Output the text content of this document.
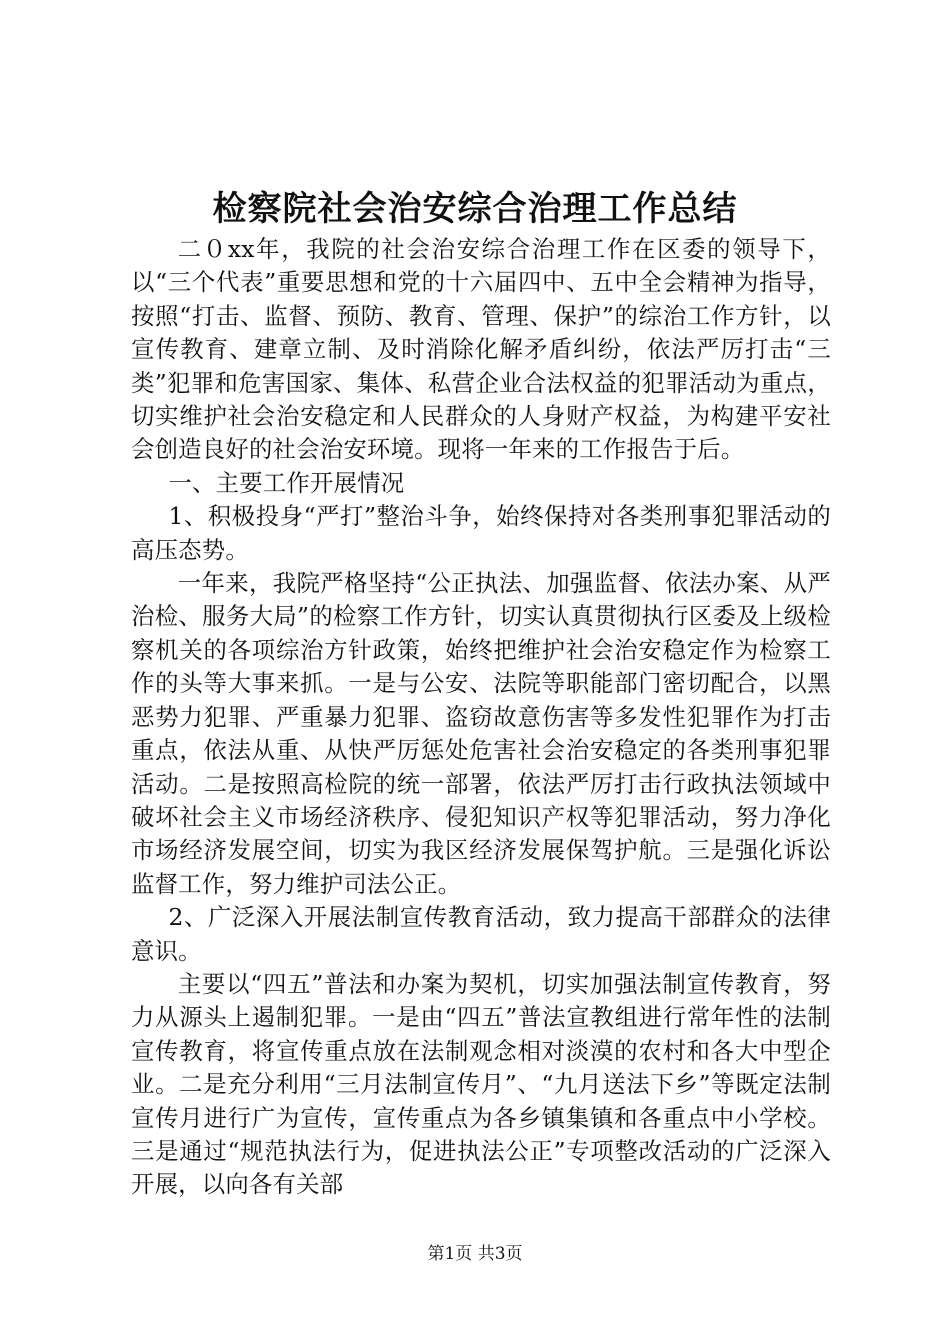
检察院社会治安综合治理工作总结

二０xx年，我院的社会治安综合治理工作在区委的领导下，以“三个代表”重要思想和党的十六届四中、五中全会精神为指导，按照“打击、监督、预防、教育、管理、保护”的综治工作方针，以宣传教育、建章立制、及时消除化解矛盾纠纷，依法严厉打击“三类”犯罪和危害国家、集体、私营企业合法权益的犯罪活动为重点，切实维护社会治安稳定和人民群众的人身财产权益，为构建平安社会创造良好的社会治安环境。现将一年来的工作报告于后。

一、主要工作开展情况

1、积极投身“严打”整治斗争，始终保持对各类刑事犯罪活动的高压态势。

一年来，我院严格坚持“公正执法、加强监督、依法办案、从严治检、服务大局”的检察工作方针，切实认真贯彻执行区委及上级检察机关的各项综治方针政策，始终把维护社会治安稳定作为检察工作的头等大事来抓。一是与公安、法院等职能部门密切配合，以黑恶势力犯罪、严重暴力犯罪、盗窃故意伤害等多发性犯罪作为打击重点，依法从重、从快严厉惩处危害社会治安稳定的各类刑事犯罪活动。二是按照高检院的统一部署，依法严厉打击行政执法领域中破坏社会主义市场经济秩序、侵犯知识产权等犯罪活动，努力净化市场经济发展空间，切实为我区经济发展保驾护航。三是强化诉讼监督工作，努力维护司法公正。

2、广泛深入开展法制宣传教育活动，致力提高干部群众的法律意识。

主要以“四五”普法和办案为契机，切实加强法制宣传教育，努力从源头上遏制犯罪。一是由“四五”普法宣教组进行常年性的法制宣传教育，将宣传重点放在法制观念相对淡漠的农村和各大中型企业。二是充分利用“三月法制宣传月”、“九月送法下乡”等既定法制宣传月进行广为宣传，宣传重点为各乡镇集镇和各重点中小学校。三是通过“规范执法行为，促进执法公正”专项整改活动的广泛深入开展，以向各有关部

第1页 共3页
